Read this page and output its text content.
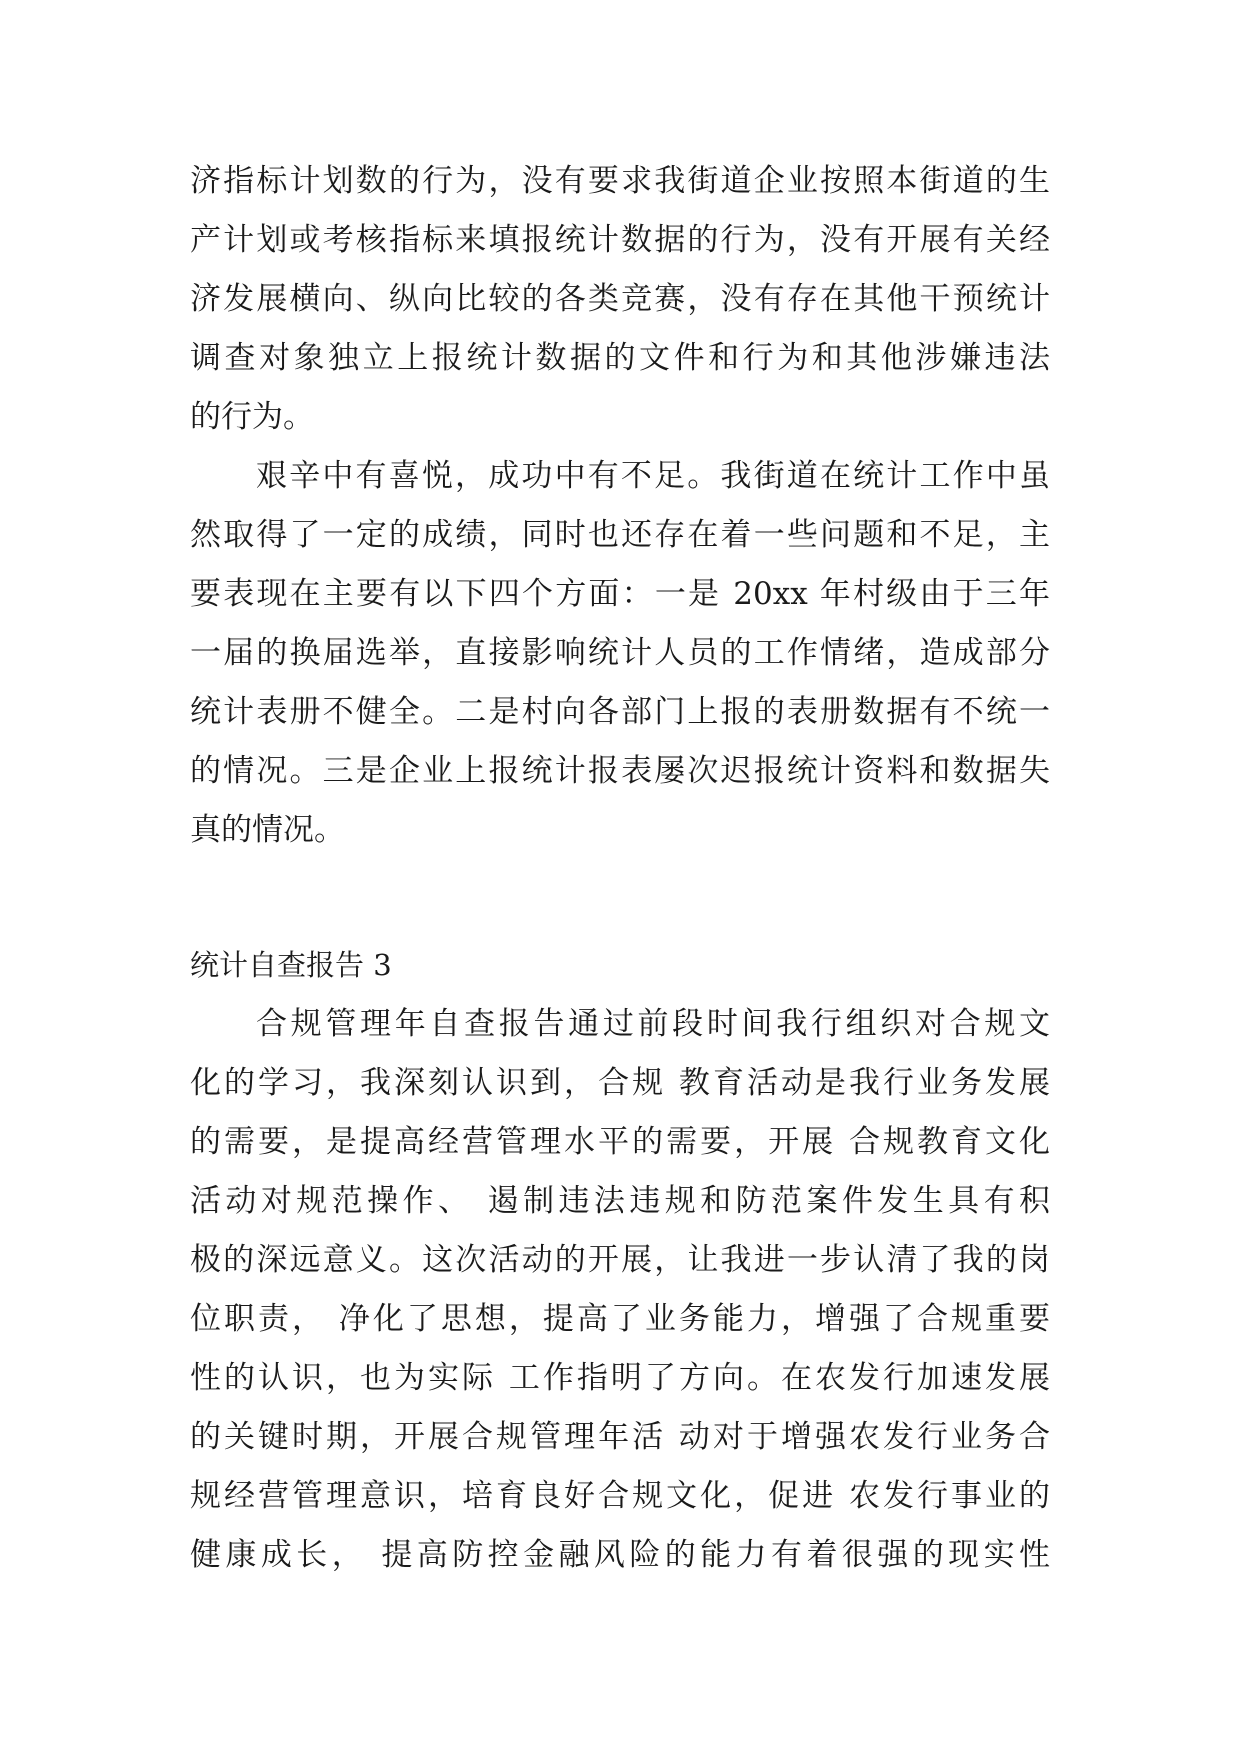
济指标计划数的行为，没有要求我街道企业按照本街道的生
产计划或考核指标来填报统计数据的行为，没有开展有关经
济发展横向、纵向比较的各类竞赛，没有存在其他干预统计
调查对象独立上报统计数据的文件和行为和其他涉嫌违法
的行为。
艰辛中有喜悦，成功中有不足。我街道在统计工作中虽
然取得了一定的成绩，同时也还存在着一些问题和不足，主
要表现在主要有以下四个方面：一是 20xx 年村级由于三年
一届的换届选举，直接影响统计人员的工作情绪，造成部分
统计表册不健全。二是村向各部门上报的表册数据有不统一
的情况。三是企业上报统计报表屡次迟报统计资料和数据失
真的情况。
统计自查报告 3
合规管理年自查报告通过前段时间我行组织对合规文
化的学习，我深刻认识到，合规 教育活动是我行业务发展
的需要，是提高经营管理水平的需要，开展 合规教育文化
活动对规范操作、 遏制违法违规和防范案件发生具有积
极的深远意义。这次活动的开展，让我进一步认清了我的岗
位职责， 净化了思想，提高了业务能力，增强了合规重要
性的认识，也为实际 工作指明了方向。在农发行加速发展
的关键时期，开展合规管理年活 动对于增强农发行业务合
规经营管理意识，培育良好合规文化，促进 农发行事业的
健康成长， 提高防控金融风险的能力有着很强的现实性
